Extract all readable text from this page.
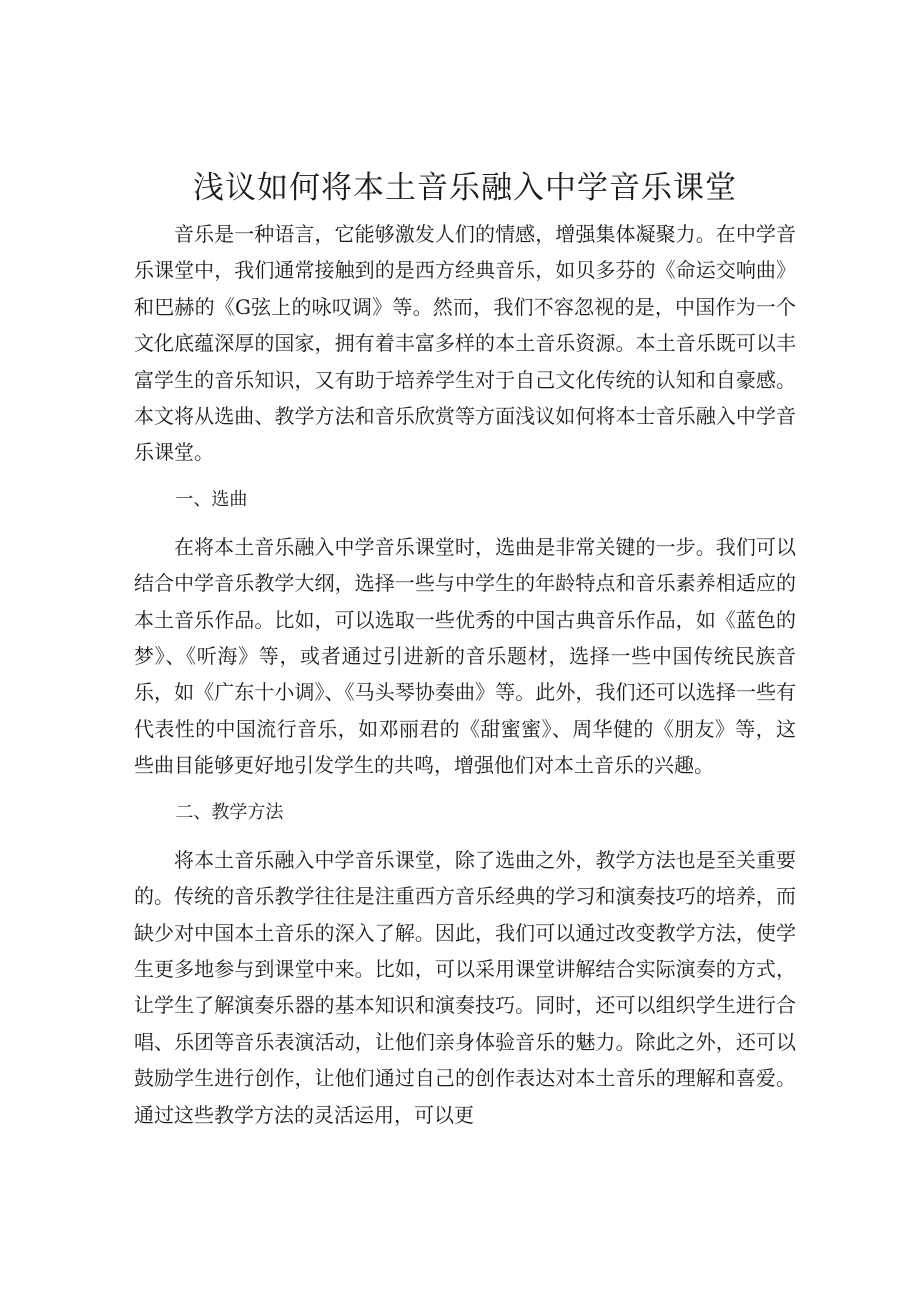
浅议如何将本土音乐融入中学音乐课堂

音乐是一种语言，它能够激发人们的情感，增强集体凝聚力。在中学音乐课堂中，我们通常接触到的是西方经典音乐，如贝多芬的《命运交响曲》和巴赫的《G弦上的咏叹调》等。然而，我们不容忽视的是，中国作为一个文化底蕴深厚的国家，拥有着丰富多样的本土音乐资源。本土音乐既可以丰富学生的音乐知识，又有助于培养学生对于自己文化传统的认知和自豪感。本文将从选曲、教学方法和音乐欣赏等方面浅议如何将本士音乐融入中学音乐课堂。

一、选曲

在将本土音乐融入中学音乐课堂时，选曲是非常关键的一步。我们可以结合中学音乐教学大纲，选择一些与中学生的年龄特点和音乐素养相适应的本土音乐作品。比如，可以选取一些优秀的中国古典音乐作品，如《蓝色的梦》、《听海》等，或者通过引进新的音乐题材，选择一些中国传统民族音乐，如《广东十小调》、《马头琴协奏曲》等。此外，我们还可以选择一些有代表性的中国流行音乐，如邓丽君的《甜蜜蜜》、周华健的《朋友》等，这些曲目能够更好地引发学生的共鸣，增强他们对本土音乐的兴趣。

二、教学方法

将本土音乐融入中学音乐课堂，除了选曲之外，教学方法也是至关重要的。传统的音乐教学往往是注重西方音乐经典的学习和演奏技巧的培养，而缺少对中国本土音乐的深入了解。因此，我们可以通过改变教学方法，使学生更多地参与到课堂中来。比如，可以采用课堂讲解结合实际演奏的方式，让学生了解演奏乐器的基本知识和演奏技巧。同时，还可以组织学生进行合唱、乐团等音乐表演活动，让他们亲身体验音乐的魅力。除此之外，还可以鼓励学生进行创作，让他们通过自己的创作表达对本土音乐的理解和喜爱。通过这些教学方法的灵活运用，可以更
